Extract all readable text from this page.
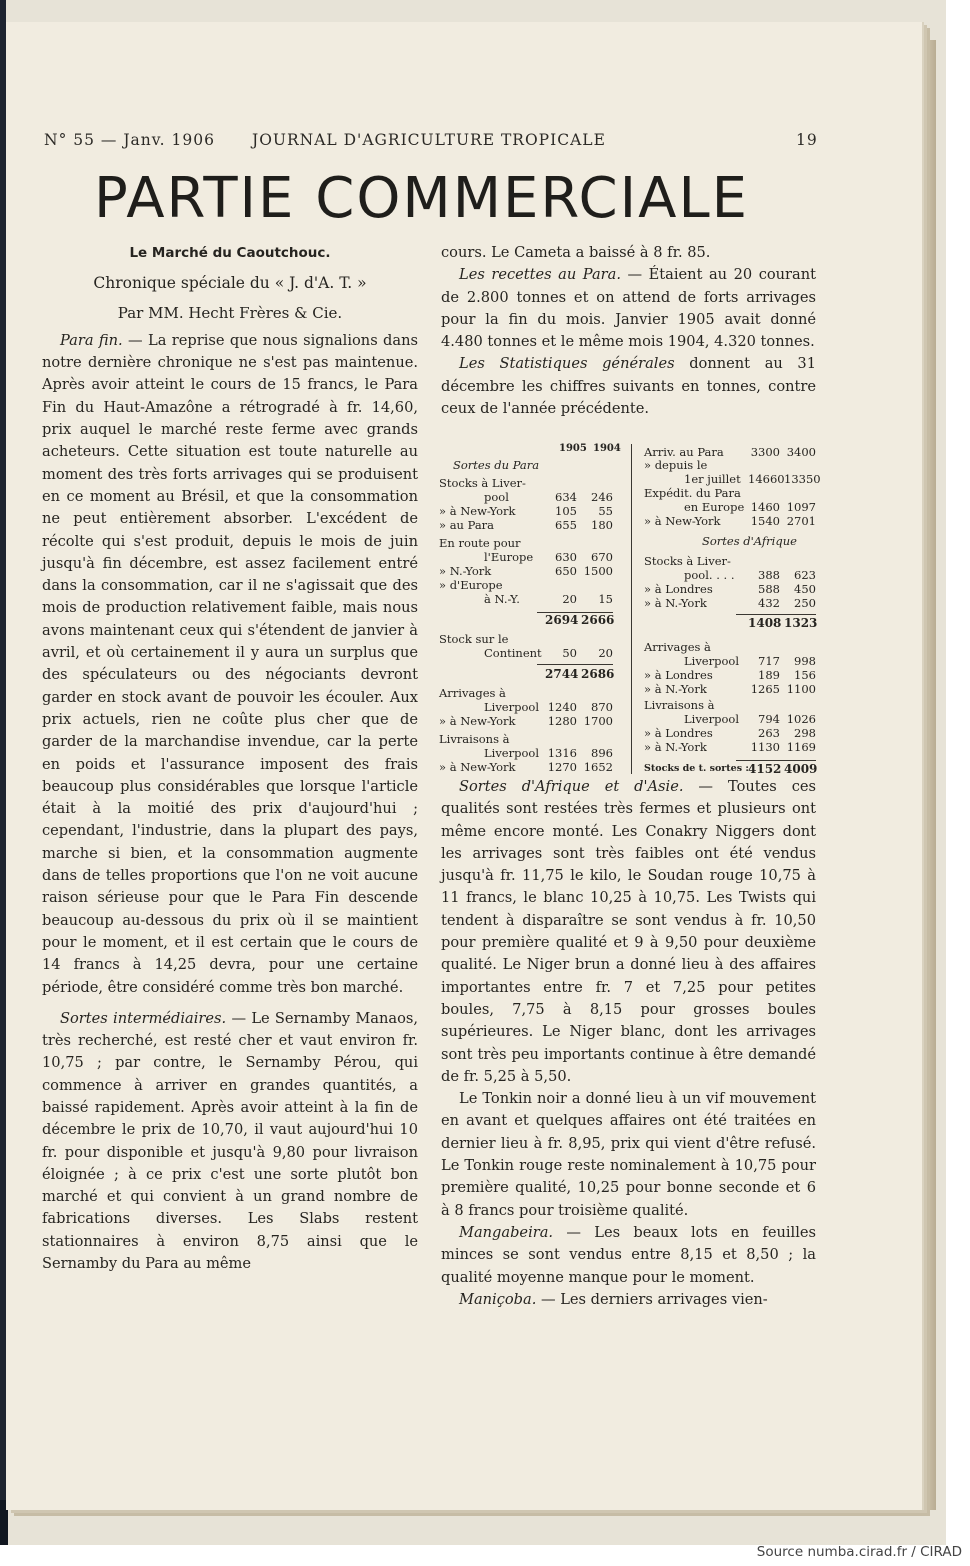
N° 55 — Janv. 1906 JOURNAL D'AGRICULTURE TROPICALE	19
PARTIE COMMERCIALE

Le Marché du Caoutchouc.

Chronique spéciale du « J. d'A. T. »

Par MM. Hecht Frères & Cie.

Para fin. — La reprise que nous signalions dans notre dernière chronique ne s'est pas maintenue. Après avoir atteint le cours de 15 francs, le Para Fin du Haut-Amazône a rétrogradé à fr. 14,60, prix auquel le marché reste ferme avec grands acheteurs. Cette situation est toute naturelle au moment des très forts arrivages qui se produisent en ce moment au Brésil, et que la consommation ne peut entièrement absorber. L'excédent de récolte qui s'est produit, depuis le mois de juin jusqu'à fin décembre, est assez facilement entré dans la consommation, car il ne s'agissait que des mois de production relativement faible, mais nous avons maintenant ceux qui s'étendent de janvier à avril, et où certainement il y aura un surplus que des spéculateurs ou des négociants devront garder en stock avant de pouvoir les écouler. Aux prix actuels, rien ne coûte plus cher que de garder de la marchandise invendue, car la perte en poids et l'assurance imposent des frais beaucoup plus considérables que lorsque l'article était à la moitié des prix d'aujourd'hui ; cependant, l'industrie, dans la plupart des pays, marche si bien, et la consommation augmente dans de telles proportions que l'on ne voit aucune raison sérieuse pour que le Para Fin descende beaucoup au-dessous du prix où il se maintient pour le moment, et il est certain que le cours de 14 francs à 14,25 devra, pour une certaine période, être considéré comme très bon marché.

Sortes intermédiaires. — Le Sernamby Manaos, très recherché, est resté cher et vaut environ fr. 10,75 ; par contre, le Sernamby Pérou, qui commence à arriver en grandes quantités, a baissé rapidement. Après avoir atteint à la fin de décembre le prix de 10,70, il vaut aujourd'hui 10 fr. pour disponible et jusqu'à 9,80 pour livraison éloignée ; à ce prix c'est une sorte plutôt bon marché et qui convient à un grand nombre de fabrications diverses. Les Slabs restent stationnaires à environ 8,75 ainsi que le Sernamby du Para au même

cours. Le Cameta a baissé à 8 fr. 85.

Les recettes au Para. — Étaient au 20 courant de 2.800 tonnes et on attend de forts arrivages pour la fin du mois. Janvier 1905 avait donné 4.480 tonnes et le même mois 1904, 4.320 tonnes.

Les Statistiques générales donnent au 31 décembre les chiffres suivants en tonnes, contre ceux de l'année précédente.

1905 1904
Sortes du Para
Stocks à Liver-
pool	634	246
» à New-York	105	55
» au Para	655	180
En route pour
l'Europe	630	670
» N.-York	650 1500
» d'Europe
à N.-Y.	20	15
2694 2666
Stock sur le
Continent	50	20
2744 2686
Arrivages à
Liverpool 1240	870
» à New-York	1280 1700
Livraisons à
Liverpool 1316	896
» à New-York	1270 1652
Sortes d'Afrique
Arriv. au Para 3300 3400
» depuis le
1er juillet 14660 13350
Expédit. du Para
en Europe 1460 1097
» à New-York	1540 2701
Stocks à Liver-
pool. . . .	388	623
» à Londres	588	450
» à N.-York	432	250
1408 1323
Arrivages à
Liverpool	717	998
» à Londres	189	156
» à N.-York	1265 1100
Livraisons à
Liverpool	794 1026
» à Londres	263	298
» à N.-York	1130 1169
Stocks de t. sortes : 4152 4009

Sortes d'Afrique et d'Asie. — Toutes ces qualités sont restées très fermes et plusieurs ont même encore monté. Les Conakry Niggers dont les arrivages sont très faibles ont été vendus jusqu'à fr. 11,75 le kilo, le Soudan rouge 10,75 à 11 francs, le blanc 10,25 à 10,75. Les Twists qui tendent à disparaître se sont vendus à fr. 10,50 pour première qualité et 9 à 9,50 pour deuxième qualité. Le Niger brun a donné lieu à des affaires importantes entre fr. 7 et 7,25 pour petites boules, 7,75 à 8,15 pour grosses boules supérieures. Le Niger blanc, dont les arrivages sont très peu importants continue à être demandé de fr. 5,25 à 5,50.

Le Tonkin noir a donné lieu à un vif mouvement en avant et quelques affaires ont été traitées en dernier lieu à fr. 8,95, prix qui vient d'être refusé. Le Tonkin rouge reste nominalement à 10,75 pour première qualité, 10,25 pour bonne seconde et 6 à 8 francs pour troisième qualité.

Mangabeira. — Les beaux lots en feuilles minces se sont vendus entre 8,15 et 8,50 ; la qualité moyenne manque pour le moment.

Maniçoba. — Les derniers arrivages vien-

Source numba.cirad.fr / CIRAD
